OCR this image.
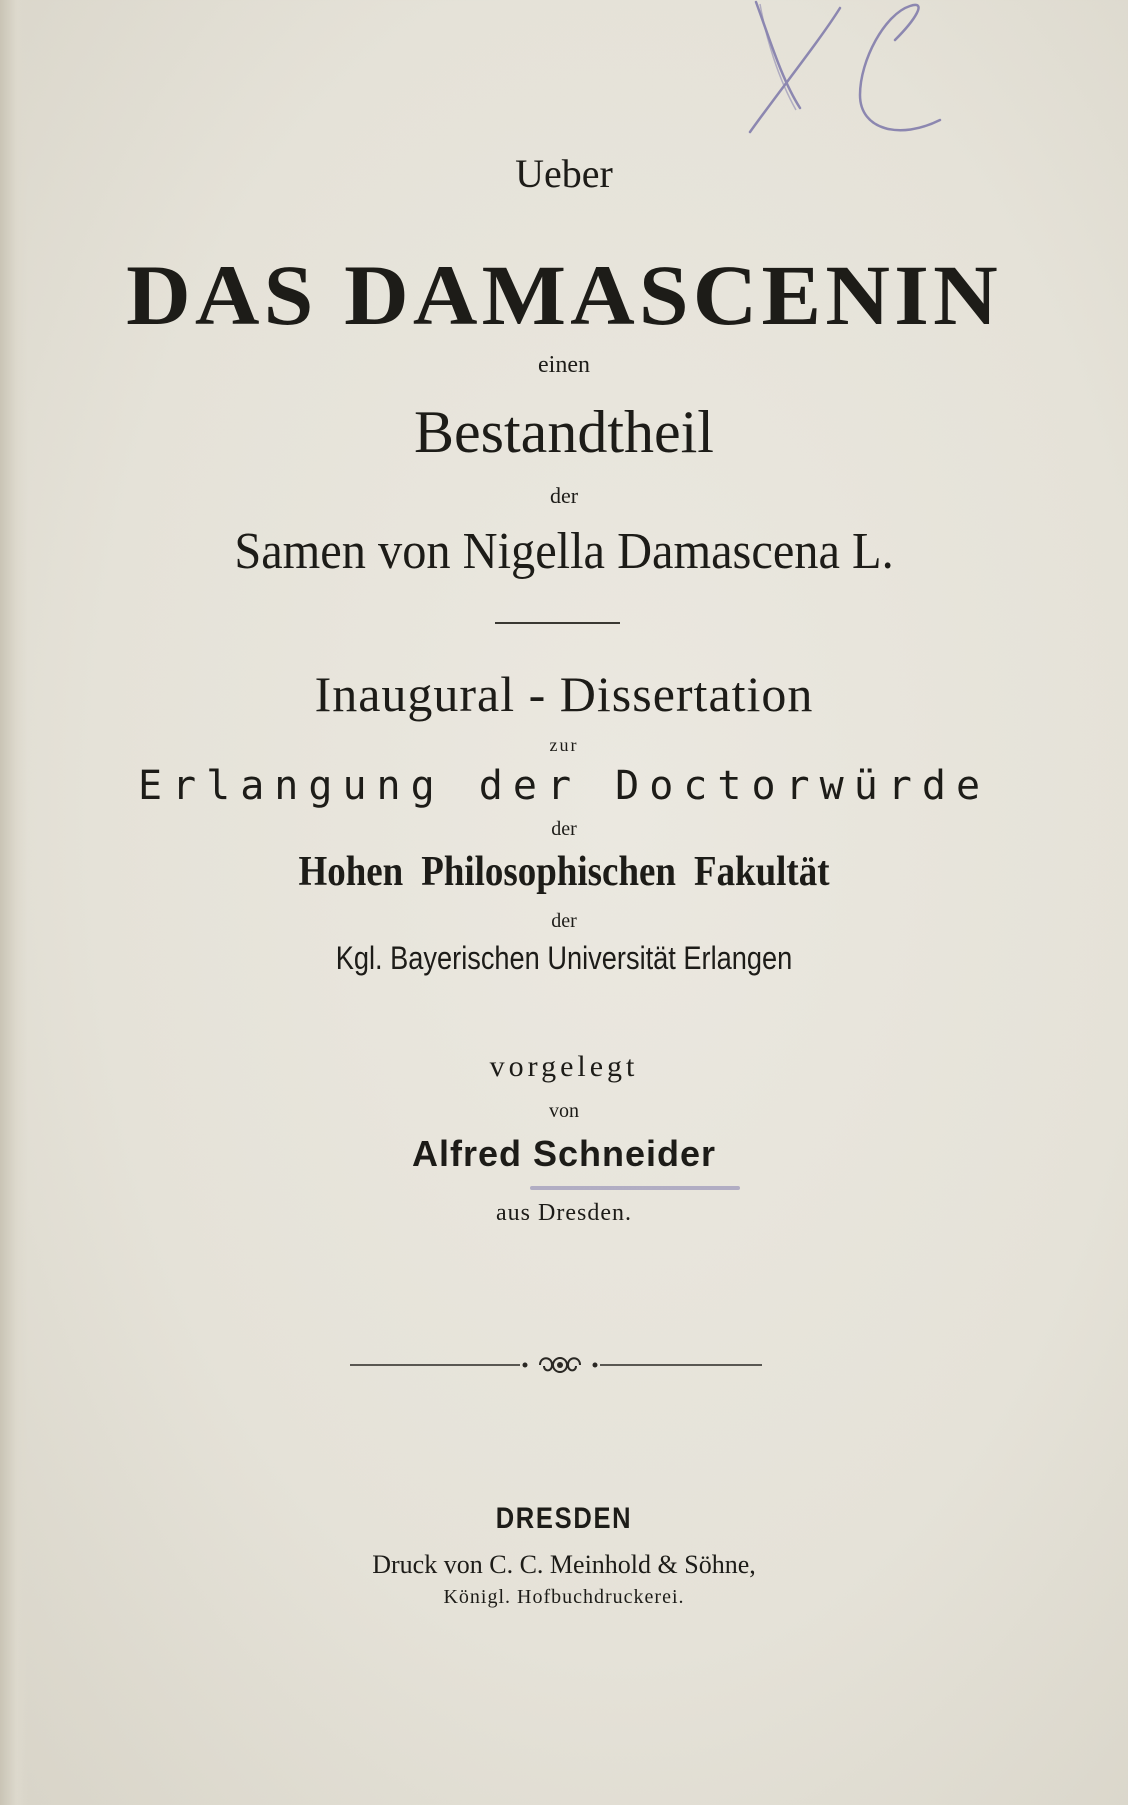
Ueber
DAS DAMASCENIN
einen
Bestandtheil
der
Samen von Nigella Damascena L.
Inaugural - Dissertation
zur
Erlangung der Doctorwürde
der
Hohen Philosophischen Fakultät
der
Kgl. Bayerischen Universität Erlangen
vorgelegt
von
Alfred Schneider
aus Dresden.
DRESDEN
Druck von C. C. Meinhold & Söhne,
Königl. Hofbuchdruckerei.
